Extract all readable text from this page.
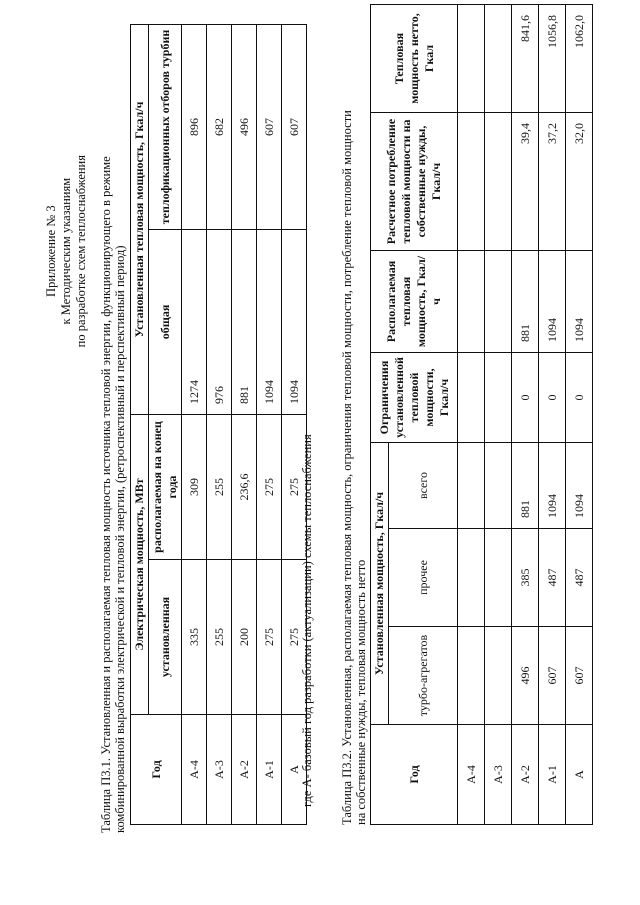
Приложение № 3 к Методическим указаниям по разработке схем теплоснабжения Таблица П3.1. Установленная и располагаемая тепловая мощность источника тепловой энергии, функционирующего в режиме комбинированной выработки электрической и тепловой энергии, (ретроспективный и перспективный период) Год	Электрическая мощность, МВт		Установленная тепловая мощность, Гкал/ч	
	установленная	располагаемая на конец года	общая	теплофикационных отборов турбин
А-4	335	309	1274	896
А-3	255	255	976	682
А-2	200	236,6	881	496
А-1	275	275	1094	607
А	275	275	1094	607
где А- базовый год разработки (актуализации) схемы теплоснабжения Таблица П3.2. Установленная, располагаемая тепловая мощность, ограничения тепловой мощности, потребление тепловой мощности на собственные нужды, тепловая мощность нетто	Год	Установленная мощность, Гкал/ч			Ограничения установленной тепловой мощности, Гкал/ч	Располагаемая тепловая мощность, Гкал/ч	Расчетное потребление тепловой мощности на собственные нужды, Гкал/ч	Тепловая мощность нетто, Гкал
	турбо-агрегатов	прочее	всего				
А-4							
А-3							
А-2	496	385	881	0	881	39,4	841,6
А-1	607	487	1094	0	1094	37,2	1056,8
А	607	487	1094	0	1094	32,0	1062,0
